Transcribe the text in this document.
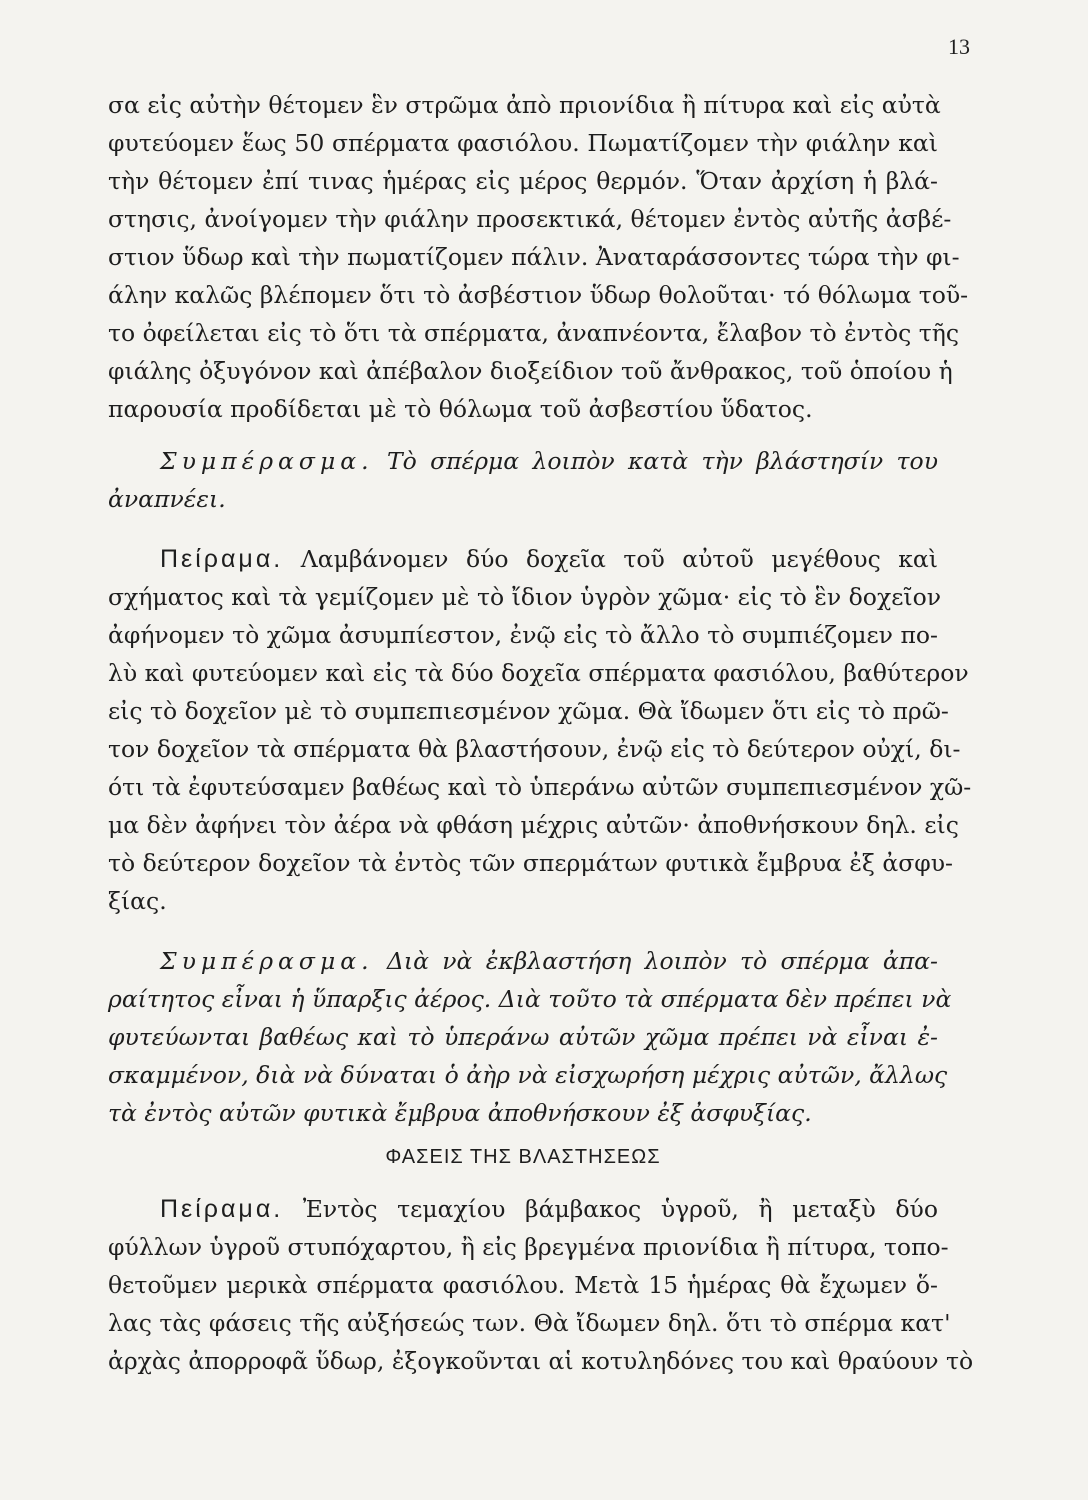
13
σα εἰς αὐτὴν θέτομεν ἓν στρῶμα ἀπὸ πριονίδια ἢ πίτυρα καὶ εἰς αὐτὰ
φυτεύομεν ἕως 50 σπέρματα φασιόλου. Πωματίζομεν τὴν φιάλην καὶ
τὴν θέτομεν ἐπί τινας ἡμέρας εἰς μέρος θερμόν. Ὅταν ἀρχίση ἡ βλά-
στησις, ἀνοίγομεν τὴν φιάλην προσεκτικά, θέτομεν ἐντὸς αὐτῆς ἀσβέ-
στιον ὕδωρ καὶ τὴν πωματίζομεν πάλιν. Ἀναταράσσοντες τώρα τὴν φι-
άλην καλῶς βλέπομεν ὅτι τὸ ἀσβέστιον ὕδωρ θολοῦται· τό θόλωμα τοῦ-
το ὀφείλεται εἰς τὸ ὅτι τὰ σπέρματα, ἀναπνέοντα, ἔλαβον τὸ ἐντὸς τῆς
φιάλης ὀξυγόνον καὶ ἀπέβαλον διοξείδιον τοῦ ἄνθρακος, τοῦ ὁποίου ἡ
παρουσία προδίδεται μὲ τὸ θόλωμα τοῦ ἀσβεστίου ὕδατος.
Συμπέρασμα. Τὸ σπέρμα λοιπὸν κατὰ τὴν βλάστησίν του
ἀναπνέει.
Πείραμα. Λαμβάνομεν δύο δοχεῖα τοῦ αὐτοῦ μεγέθους καὶ
σχήματος καὶ τὰ γεμίζομεν μὲ τὸ ἴδιον ὑγρὸν χῶμα· εἰς τὸ ἓν δοχεῖον
ἀφήνομεν τὸ χῶμα ἀσυμπίεστον, ἐνῷ εἰς τὸ ἄλλο τὸ συμπιέζομεν πο-
λὺ καὶ φυτεύομεν καὶ εἰς τὰ δύο δοχεῖα σπέρματα φασιόλου, βαθύτερον
εἰς τὸ δοχεῖον μὲ τὸ συμπεπιεσμένον χῶμα. Θὰ ἴδωμεν ὅτι εἰς τὸ πρῶ-
τον δοχεῖον τὰ σπέρματα θὰ βλαστήσουν, ἐνῷ εἰς τὸ δεύτερον οὐχί, δι-
ότι τὰ ἐφυτεύσαμεν βαθέως καὶ τὸ ὑπεράνω αὐτῶν συμπεπιεσμένον χῶ-
μα δὲν ἀφήνει τὸν ἀέρα νὰ φθάση μέχρις αὐτῶν· ἀποθνήσκουν δηλ. εἰς
τὸ δεύτερον δοχεῖον τὰ ἐντὸς τῶν σπερμάτων φυτικὰ ἔμβρυα ἐξ ἀσφυ-
ξίας.
Συμπέρασμα. Διὰ νὰ ἐκβλαστήση λοιπὸν τὸ σπέρμα ἀπα-
ραίτητος εἶναι ἡ ὕπαρξις ἀέρος. Διὰ τοῦτο τὰ σπέρματα δὲν πρέπει νὰ
φυτεύωνται βαθέως καὶ τὸ ὑπεράνω αὐτῶν χῶμα πρέπει νὰ εἶναι ἐ-
σκαμμένον, διὰ νὰ δύναται ὁ ἀὴρ νὰ εἰσχωρήση μέχρις αὐτῶν, ἄλλως
τὰ ἐντὸς αὐτῶν φυτικὰ ἔμβρυα ἀποθνήσκουν ἐξ ἀσφυξίας.
ΦΑΣΕΙΣ ΤΗΣ ΒΛΑΣΤΗΣΕΩΣ
Πείραμα. Ἐντὸς τεμαχίου βάμβακος ὑγροῦ, ἢ μεταξὺ δύο
φύλλων ὑγροῦ στυπόχαρτου, ἢ εἰς βρεγμένα πριονίδια ἢ πίτυρα, τοπο-
θετοῦμεν μερικὰ σπέρματα φασιόλου. Μετὰ 15 ἡμέρας θὰ ἔχωμεν ὅ-
λας τὰς φάσεις τῆς αὐξήσεώς των. Θὰ ἴδωμεν δηλ. ὅτι τὸ σπέρμα κατ'
ἀρχὰς ἀπορροφᾶ ὕδωρ, ἐξογκοῦνται αἱ κοτυληδόνες του καὶ θραύουν τὸ
